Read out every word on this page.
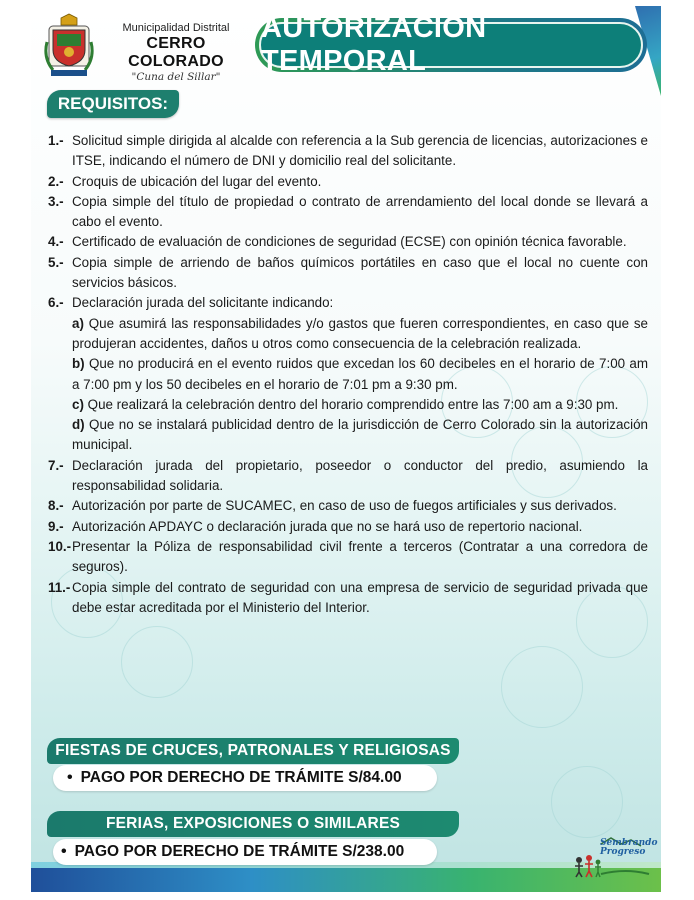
Municipalidad Distrital
CERRO COLORADO
"Cuna del Sillar"
AUTORIZACIÓN TEMPORAL
REQUISITOS:
1.- Solicitud simple dirigida al alcalde con referencia a la Sub gerencia de licencias, autorizaciones e ITSE, indicando el número de DNI y domicilio real del solicitante.
2.- Croquis de ubicación del lugar del evento.
3.- Copia simple del título de propiedad o contrato de arrendamiento del local donde se llevará a cabo el evento.
4.- Certificado de evaluación de condiciones de seguridad (ECSE) con opinión técnica favorable.
5.- Copia simple de arriendo de baños químicos portátiles en caso que el local no cuente con servicios básicos.
6.- Declaración jurada del solicitante indicando:
a) Que asumirá las responsabilidades y/o gastos que fueren correspondientes, en caso que se produjeran accidentes, daños u otros como consecuencia de la celebración realizada.
b) Que no producirá en el evento ruidos que excedan los 60 decibeles en el horario de 7:00 am a 7:00 pm y los 50 decibeles en el horario de 7:01 pm a 9:30 pm.
c) Que realizará la celebración dentro del horario comprendido entre las 7:00 am a 9:30 pm.
d) Que no se instalará publicidad dentro de la jurisdicción de Cerro Colorado sin la autorización municipal.
7.- Declaración jurada del propietario, poseedor o conductor del predio, asumiendo la responsabilidad solidaria.
8.- Autorización por parte de SUCAMEC, en caso de uso de fuegos artificiales y sus derivados.
9.- Autorización APDAYC o declaración jurada que no se hará uso de repertorio nacional.
10.- Presentar la Póliza de responsabilidad civil frente a terceros (Contratar a una corredora de seguros).
11.- Copia simple del contrato de seguridad con una empresa de servicio de seguridad privada que debe estar acreditada por el Ministerio del Interior.
FIESTAS DE CRUCES, PATRONALES Y RELIGIOSAS
• PAGO POR DERECHO DE TRÁMITE S/84.00
FERIAS, EXPOSICIONES O SIMILARES
• PAGO POR DERECHO DE TRÁMITE S/238.00	Sembrando
Progreso
